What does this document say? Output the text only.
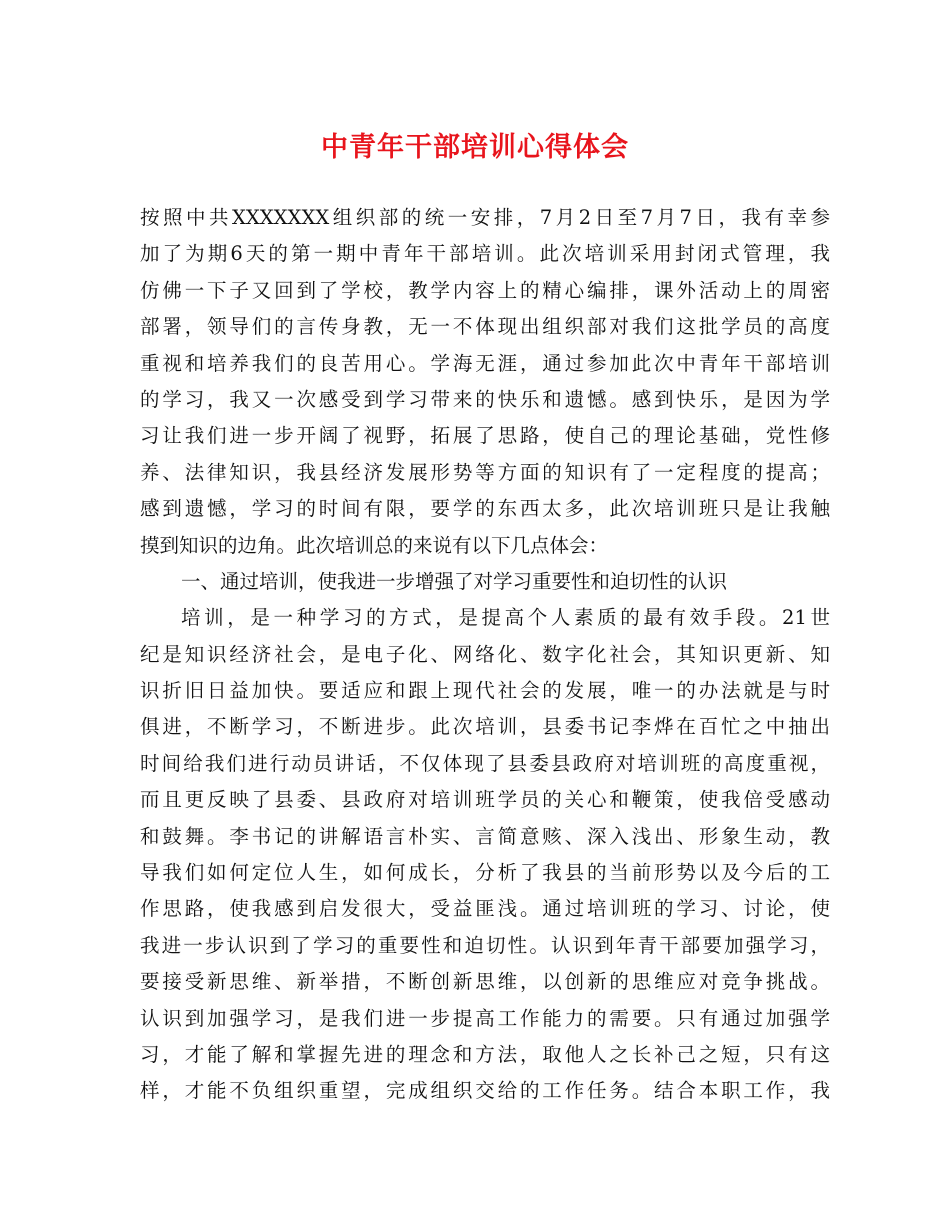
中青年干部培训心得体会
按照中共XXXXXXX组织部的统一安排，7月2日至7月7日，我有幸参
加了为期6天的第一期中青年干部培训。此次培训采用封闭式管理，我
仿佛一下子又回到了学校，教学内容上的精心编排，课外活动上的周密
部署，领导们的言传身教，无一不体现出组织部对我们这批学员的高度
重视和培养我们的良苦用心。学海无涯，通过参加此次中青年干部培训
的学习，我又一次感受到学习带来的快乐和遗憾。感到快乐，是因为学
习让我们进一步开阔了视野，拓展了思路，使自己的理论基础，党性修
养、法律知识，我县经济发展形势等方面的知识有了一定程度的提高；
感到遗憾，学习的时间有限，要学的东西太多，此次培训班只是让我触
摸到知识的边角。此次培训总的来说有以下几点体会：
一、通过培训，使我进一步增强了对学习重要性和迫切性的认识
培训，是一种学习的方式，是提高个人素质的最有效手段。21世
纪是知识经济社会，是电子化、网络化、数字化社会，其知识更新、知
识折旧日益加快。要适应和跟上现代社会的发展，唯一的办法就是与时
俱进，不断学习，不断进步。此次培训，县委书记李烨在百忙之中抽出
时间给我们进行动员讲话，不仅体现了县委县政府对培训班的高度重视，
而且更反映了县委、县政府对培训班学员的关心和鞭策，使我倍受感动
和鼓舞。李书记的讲解语言朴实、言简意赅、深入浅出、形象生动，教
导我们如何定位人生，如何成长，分析了我县的当前形势以及今后的工
作思路，使我感到启发很大，受益匪浅。通过培训班的学习、讨论，使
我进一步认识到了学习的重要性和迫切性。认识到年青干部要加强学习，
要接受新思维、新举措，不断创新思维，以创新的思维应对竞争挑战。
认识到加强学习，是我们进一步提高工作能力的需要。只有通过加强学
习，才能了解和掌握先进的理念和方法，取他人之长补己之短，只有这
样，才能不负组织重望，完成组织交给的工作任务。结合本职工作，我
